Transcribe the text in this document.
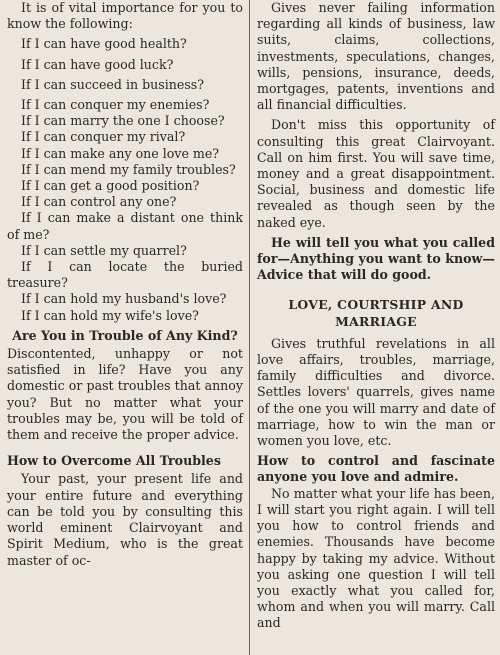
It is of vital importance for you to know the following:

If I can have good health?

If I can have good luck?

If I can succeed in business?

If I can conquer my enemies?

If I can marry the one I choose?

If I can conquer my rival?

If I can make any one love me?

If I can mend my family troubles?

If I can get a good position?

If I can control any one?

If I can make a distant one think of me?

If I can settle my quarrel?

If I can locate the buried treasure?

If I can hold my husband's love?

If I can hold my wife's love?

Are You in Trouble of Any Kind?

Discontented, unhappy or not satisfied in life? Have you any domestic or past troubles that annoy you? But no matter what your troubles may be, you will be told of them and receive the proper advice.

How to Overcome All Troubles

Your past, your present life and your entire future and everything can be told you by consulting this world eminent Clairvoyant and Spirit Medium, who is the great master of oc-

Gives never failing information regarding all kinds of business, law suits, claims, collections, investments, speculations, changes, wills, pensions, insurance, deeds, mortgages, patents, inventions and all financial difficulties.

Don't miss this opportunity of consulting this great Clairvoyant. Call on him first. You will save time, money and a great disappointment. Social, business and domestic life revealed as though seen by the naked eye.

He will tell you what you called for—Anything you want to know—Advice that will do good.

LOVE, COURTSHIP AND MARRIAGE

Gives truthful revelations in all love affairs, troubles, marriage, family difficulties and divorce. Settles lovers' quarrels, gives name of the one you will marry and date of marriage, how to win the man or women you love, etc.

How to control and fascinate anyone you love and admire.

No matter what your life has been, I will start you right again. I will tell you how to control friends and enemies. Thousands have become happy by taking my advice. Without you asking one question I will tell you exactly what you called for, whom and when you will marry. Call and
